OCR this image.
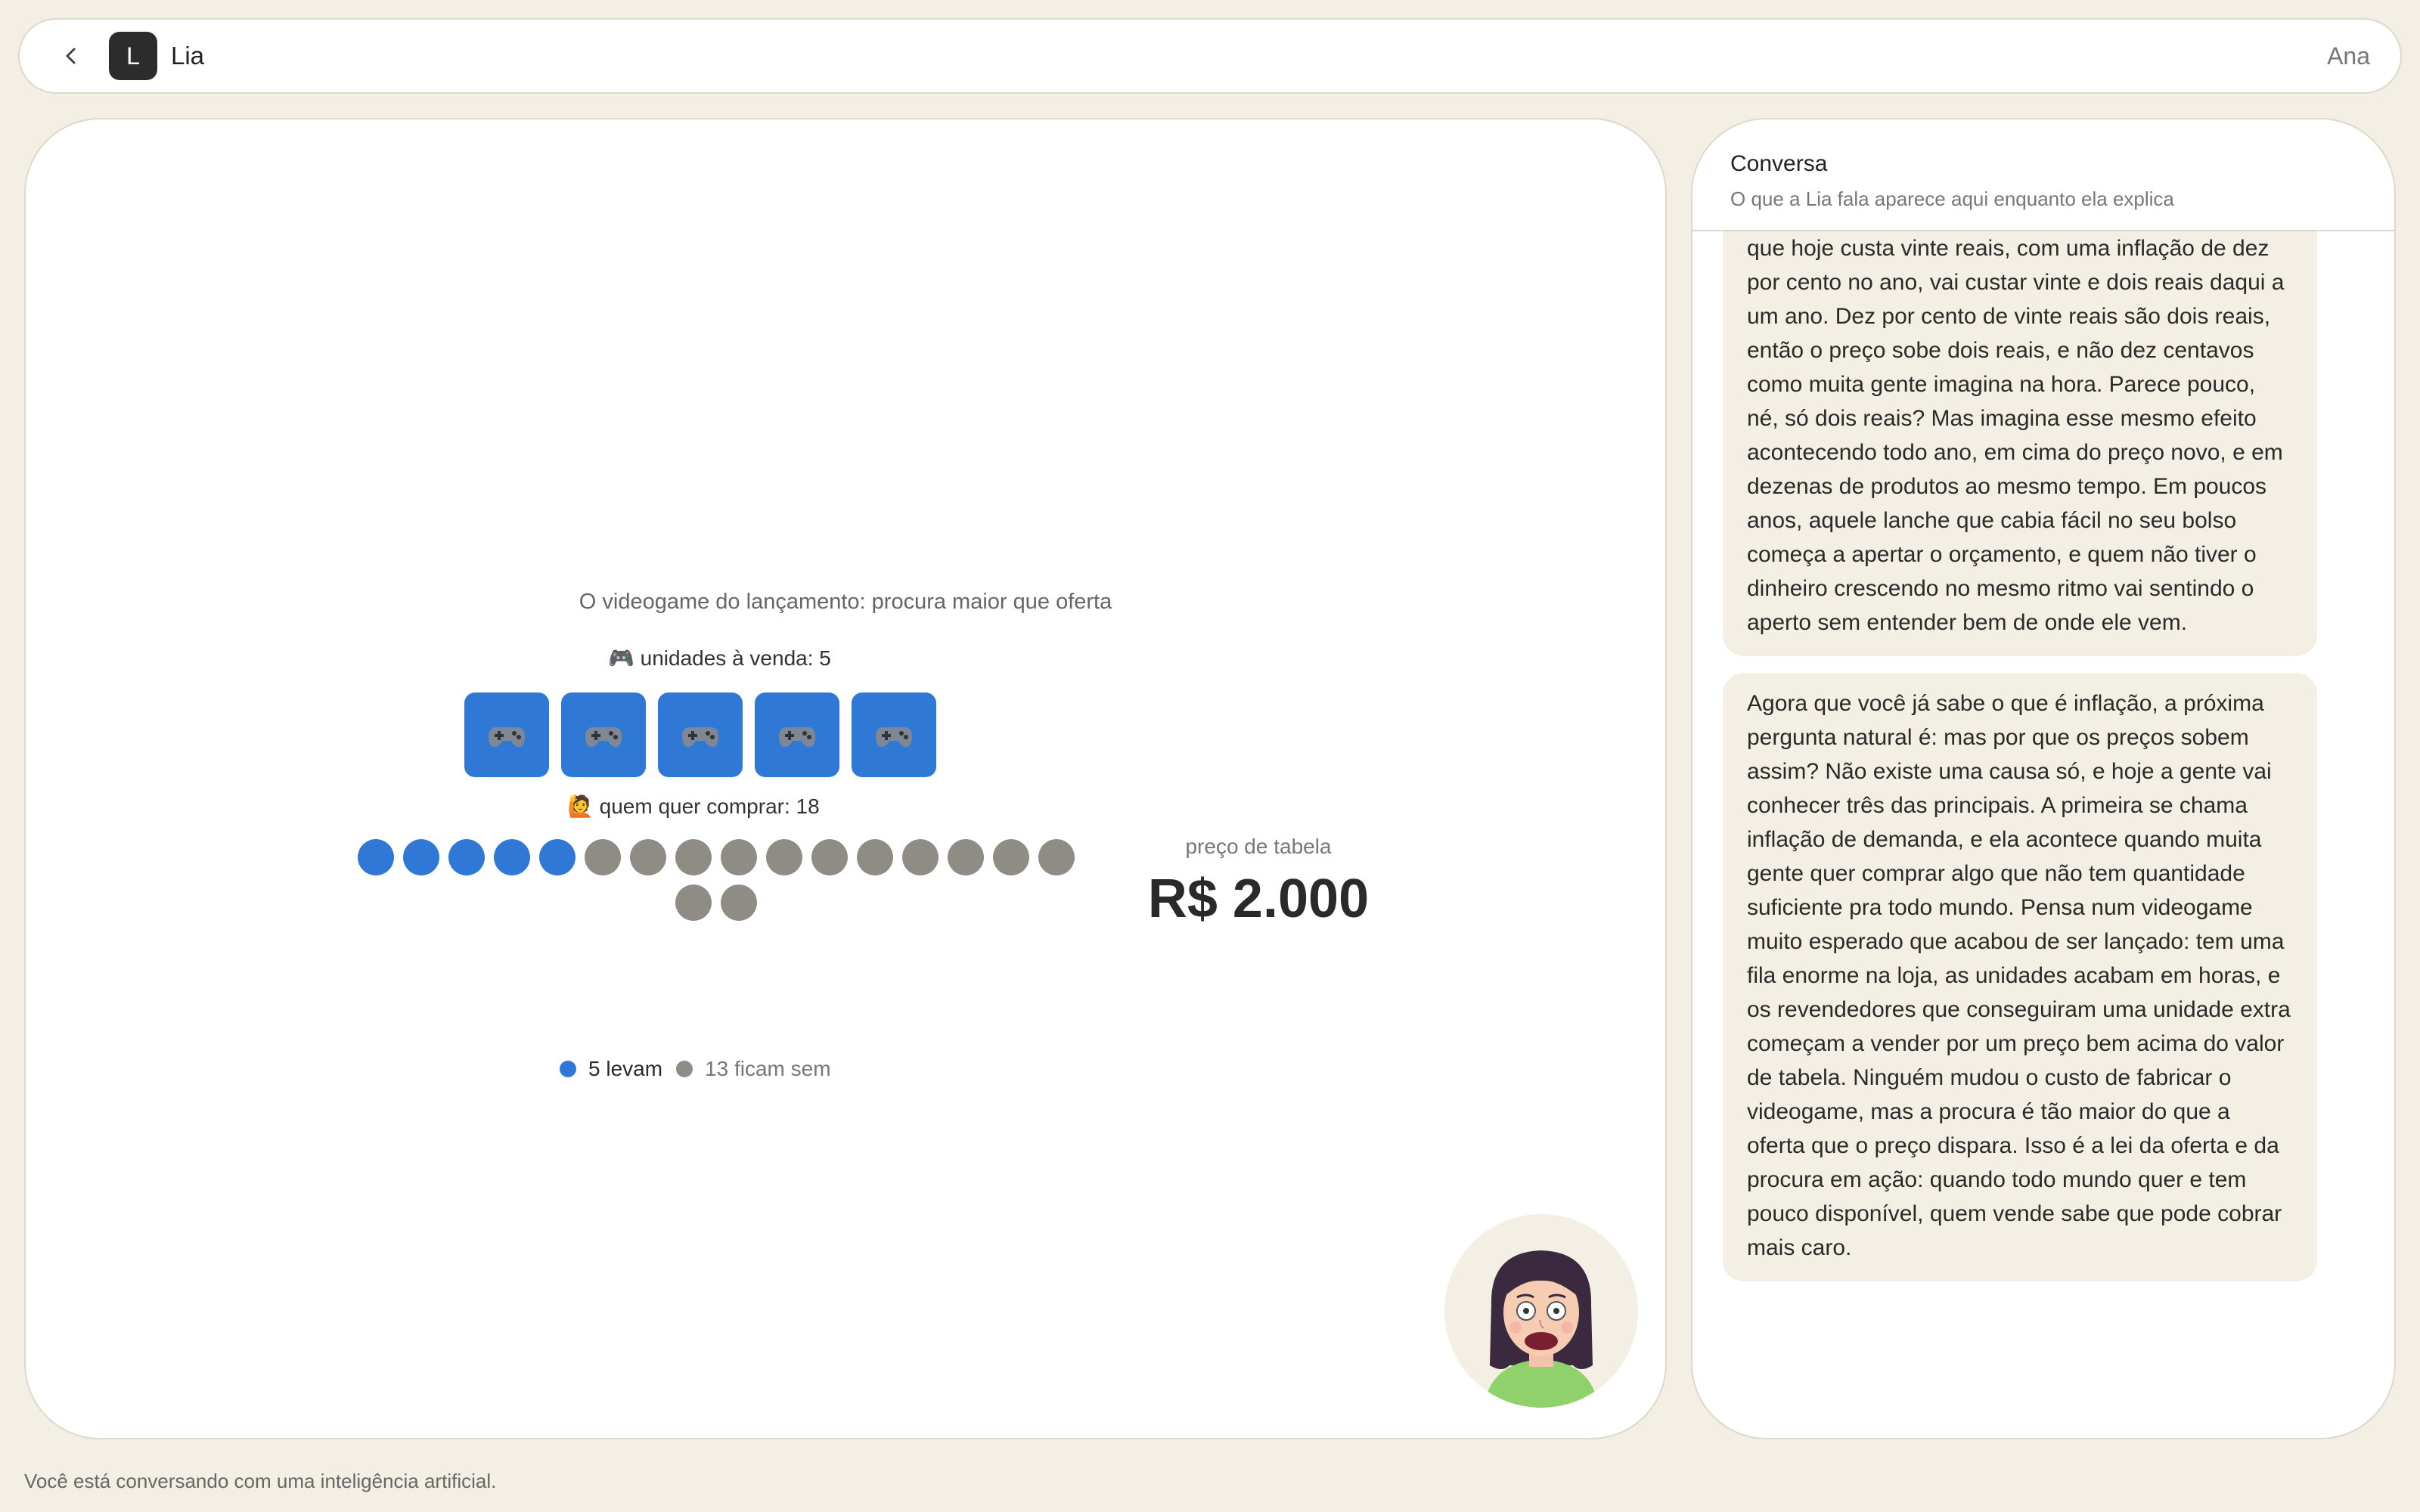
L	Lia	Ana
O videogame do lançamento: procura maior que oferta
🎮 unidades à venda: 5
🙋 quem quer comprar: 18
5 levam 13 ficam sem
preço de tabela
R$ 2.000
Conversa
O que a Lia fala aparece aqui enquanto ela explica
que hoje custa vinte reais, com uma inflação de dez por cento no ano, vai custar vinte e dois reais daqui a um ano. Dez por cento de vinte reais são dois reais, então o preço sobe dois reais, e não dez centavos como muita gente imagina na hora. Parece pouco, né, só dois reais? Mas imagina esse mesmo efeito acontecendo todo ano, em cima do preço novo, e em dezenas de produtos ao mesmo tempo. Em poucos anos, aquele lanche que cabia fácil no seu bolso começa a apertar o orçamento, e quem não tiver o dinheiro crescendo no mesmo ritmo vai sentindo o aperto sem entender bem de onde ele vem.
Agora que você já sabe o que é inflação, a próxima pergunta natural é: mas por que os preços sobem assim? Não existe uma causa só, e hoje a gente vai conhecer três das principais. A primeira se chama inflação de demanda, e ela acontece quando muita gente quer comprar algo que não tem quantidade suficiente pra todo mundo. Pensa num videogame muito esperado que acabou de ser lançado: tem uma fila enorme na loja, as unidades acabam em horas, e os revendedores que conseguiram uma unidade extra começam a vender por um preço bem acima do valor de tabela. Ninguém mudou o custo de fabricar o videogame, mas a procura é tão maior do que a oferta que o preço dispara. Isso é a lei da oferta e da procura em ação: quando todo mundo quer e tem pouco disponível, quem vende sabe que pode cobrar mais caro.
Você está conversando com uma inteligência artificial.
